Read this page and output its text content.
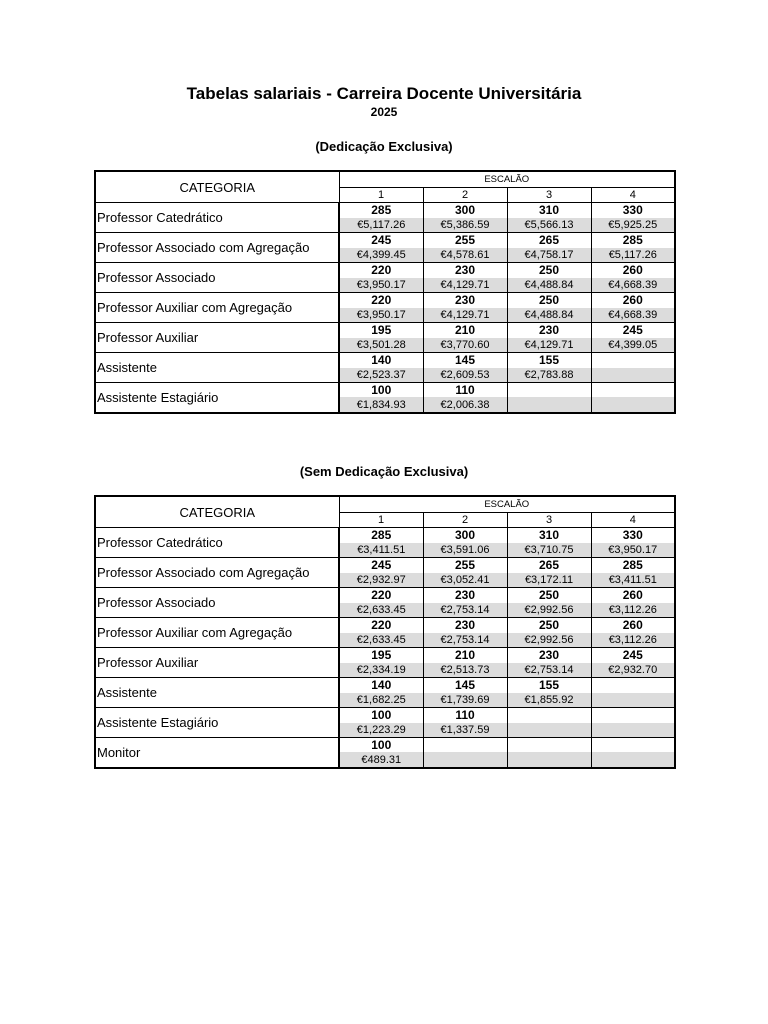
Tabelas salariais - Carreira Docente Universitária
2025
(Dedicação Exclusiva)
CATEGORIA	ESCALÃO			
	1	2	3	4
Professor Catedrático	285	300	310	330
	€5,117.26	€5,386.59	€5,566.13	€5,925.25
Professor Associado com Agregação	245	255	265	285
	€4,399.45	€4,578.61	€4,758.17	€5,117.26
Professor Associado	220	230	250	260
	€3,950.17	€4,129.71	€4,488.84	€4,668.39
Professor Auxiliar com Agregação	220	230	250	260
	€3,950.17	€4,129.71	€4,488.84	€4,668.39
Professor Auxiliar	195	210	230	245
	€3,501.28	€3,770.60	€4,129.71	€4,399.05
Assistente	140	145	155	
	€2,523.37	€2,609.53	€2,783.88	
Assistente Estagiário	100	110		
	€1,834.93	€2,006.38		
(Sem Dedicação Exclusiva)
CATEGORIA	ESCALÃO			
	1	2	3	4
Professor Catedrático	285	300	310	330
	€3,411.51	€3,591.06	€3,710.75	€3,950.17
Professor Associado com Agregação	245	255	265	285
	€2,932.97	€3,052.41	€3,172.11	€3,411.51
Professor Associado	220	230	250	260
	€2,633.45	€2,753.14	€2,992.56	€3,112.26
Professor Auxiliar com Agregação	220	230	250	260
	€2,633.45	€2,753.14	€2,992.56	€3,112.26
Professor Auxiliar	195	210	230	245
	€2,334.19	€2,513.73	€2,753.14	€2,932.70
Assistente	140	145	155	
	€1,682.25	€1,739.69	€1,855.92	
Assistente Estagiário	100	110		
	€1,223.29	€1,337.59		
Monitor	100			
	€489.31			
